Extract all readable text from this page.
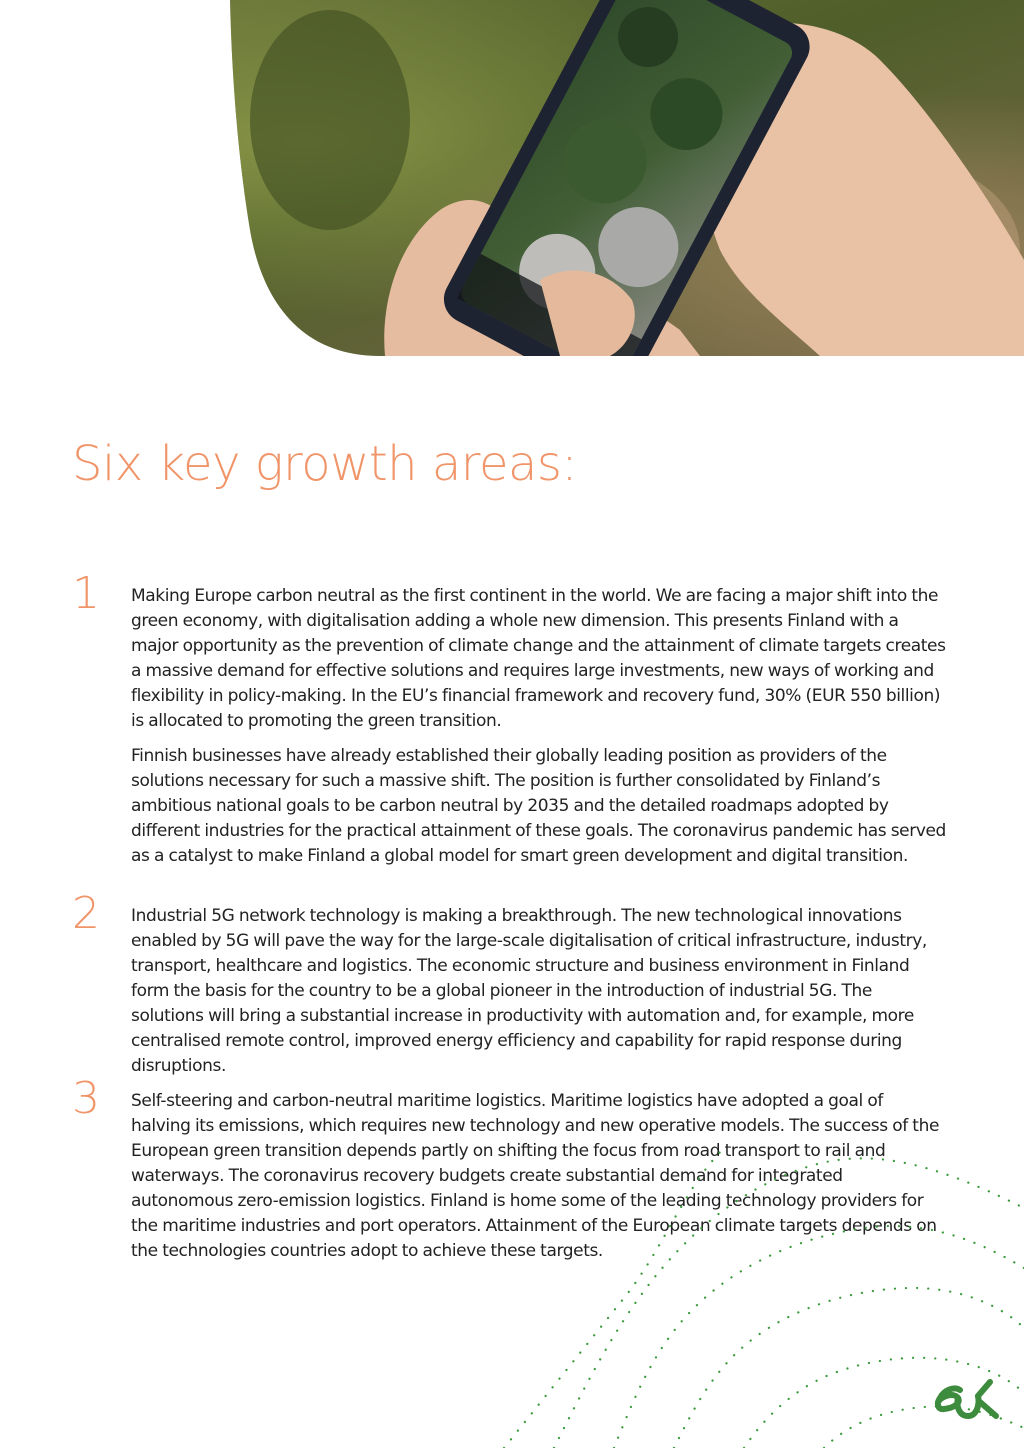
Six key growth areas:
1	Making Europe carbon neutral as the first continent in the world. We are facing a major shift into the green economy, with digitalisation adding a whole new dimension. This presents Finland with a major opportunity as the prevention of climate change and the attainment of climate targets creates a massive demand for effective solutions and requires large investments, new ways of working and flexibility in policy-making. In the EU’s financial framework and recovery fund, 30% (EUR 550 billion) is allocated to promoting the green transition.

Finnish businesses have already established their globally leading position as providers of the solutions necessary for such a massive shift. The position is further consolidated by Finland’s ambitious national goals to be carbon neutral by 2035 and the detailed roadmaps adopted by different industries for the practical attainment of these goals. The coronavirus pandemic has served as a catalyst to make Finland a global model for smart green development and digital transition.

2	Industrial 5G network technology is making a breakthrough. The new technological innovations enabled by 5G will pave the way for the large-scale digitalisation of critical infrastructure, industry, transport, healthcare and logistics. The economic structure and business environment in Finland form the basis for the country to be a global pioneer in the introduction of industrial 5G. The solutions will bring a substantial increase in productivity with automation and, for example, more centralised remote control, improved energy efficiency and capability for rapid response during disruptions.

3	Self-steering and carbon-neutral maritime logistics. Maritime logistics have adopted a goal of halving its emissions, which requires new technology and new operative models. The success of the European green transition depends partly on shifting the focus from road transport to rail and waterways. The coronavirus recovery budgets create substantial demand for integrated autonomous zero-emission logistics. Finland is home some of the leading technology providers for the maritime industries and port operators. Attainment of the European climate targets depends on the technologies countries adopt to achieve these targets.
